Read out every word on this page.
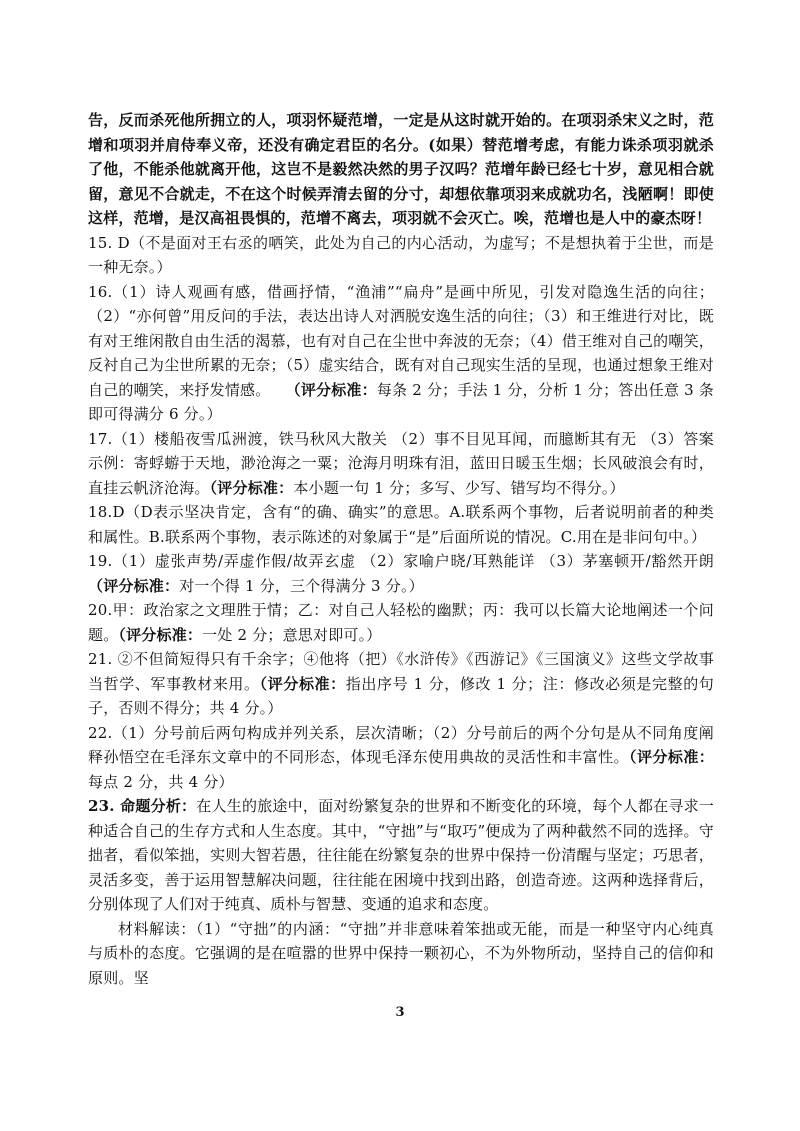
告，反而杀死他所拥立的人，项羽怀疑范增，一定是从这时就开始的。在项羽杀宋义之时，范增和项羽并肩侍奉义帝，还没有确定君臣的名分。(如果）替范增考虑，有能力诛杀项羽就杀了他，不能杀他就离开他，这岂不是毅然决然的男子汉吗？范增年龄已经七十岁，意见相合就留，意见不合就走，不在这个时候弄清去留的分寸，却想依靠项羽来成就功名，浅陋啊！即使这样，范增，是汉高祖畏惧的，范增不离去，项羽就不会灭亡。唉，范增也是人中的豪杰呀！

15. D（不是面对王右丞的哂笑，此处为自己的内心活动，为虚写；不是想执着于尘世，而是一种无奈。）

16.（1）诗人观画有感，借画抒情，“渔浦”“扁舟”是画中所见，引发对隐逸生活的向往；（2）“亦何曾”用反问的手法，表达出诗人对洒脱安逸生活的向往；（3）和王维进行对比，既有对王维闲散自由生活的渴慕，也有对自己在尘世中奔波的无奈；（4）借王维对自己的嘲笑，反衬自己为尘世所累的无奈；（5）虚实结合，既有对自己现实生活的呈现，也通过想象王维对自己的嘲笑，来抒发情感。  （评分标准：每条 2 分；手法 1 分，分析 1 分；答出任意 3 条即可得满分 6 分。）

17.（1）楼船夜雪瓜洲渡，铁马秋风大散关 （2）事不目见耳闻，而臆断其有无 （3）答案示例：寄蜉蝣于天地，渺沧海之一粟；沧海月明珠有泪，蓝田日暖玉生烟；长风破浪会有时，直挂云帆济沧海。（评分标准：本小题一句 1 分；多写、少写、错写均不得分。）

18.D（D表示坚决肯定，含有“的确、确实”的意思。A.联系两个事物，后者说明前者的种类和属性。B.联系两个事物，表示陈述的对象属于“是”后面所说的情况。C.用在是非问句中。）

19.（1）虚张声势/弄虚作假/故弄玄虚 （2）家喻户晓/耳熟能详 （3）茅塞顿开/豁然开朗 （评分标准：对一个得 1 分，三个得满分 3 分。）

20.甲：政治家之文理胜于情；乙：对自己人轻松的幽默；丙：我可以长篇大论地阐述一个问题。（评分标准：一处 2 分；意思对即可。）

21. ②不但简短得只有千余字；④他将（把）《水浒传》《西游记》《三国演义》这些文学故事当哲学、军事教材来用。（评分标准：指出序号 1 分，修改 1 分；注：修改必须是完整的句子，否则不得分；共 4 分。）

22.（1）分号前后两句构成并列关系，层次清晰；（2）分号前后的两个分句是从不同角度阐释孙悟空在毛泽东文章中的不同形态，体现毛泽东使用典故的灵活性和丰富性。（评分标准：每点 2 分，共 4 分）

23. 命题分析：在人生的旅途中，面对纷繁复杂的世界和不断变化的环境，每个人都在寻求一种适合自己的生存方式和人生态度。其中，“守拙”与“取巧”便成为了两种截然不同的选择。守拙者，看似笨拙，实则大智若愚，往往能在纷繁复杂的世界中保持一份清醒与坚定；巧思者，灵活多变，善于运用智慧解决问题，往往能在困境中找到出路，创造奇迹。这两种选择背后，分别体现了人们对于纯真、质朴与智慧、变通的追求和态度。

材料解读：（1）“守拙”的内涵：“守拙”并非意味着笨拙或无能，而是一种坚守内心纯真与质朴的态度。它强调的是在喧嚣的世界中保持一颗初心，不为外物所动，坚持自己的信仰和原则。坚

3
